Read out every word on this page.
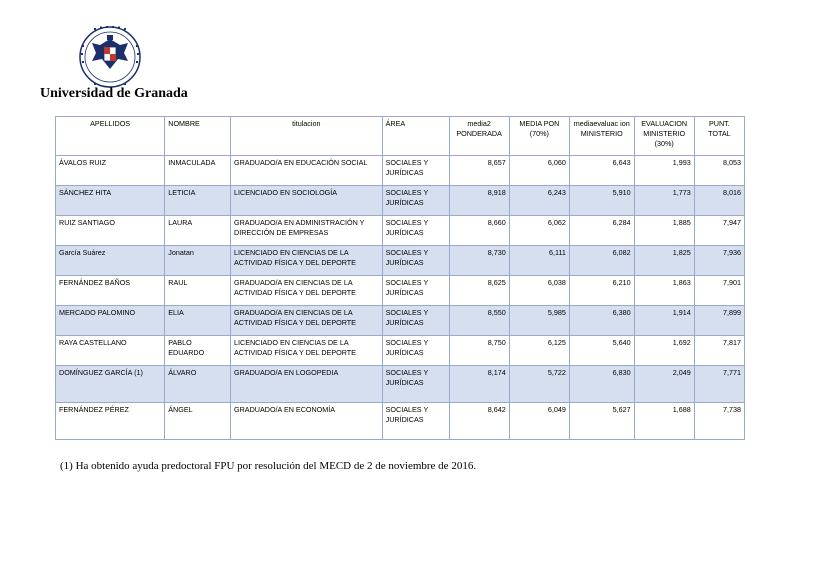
Universidad de Granada
APELLIDOS	NOMBRE	titulacion	ÁREA	media2 PONDERADA	MEDIA PON (70%)	mediaevaluac ion MINISTERIO	EVALUACION MINISTERIO (30%)	PUNT. TOTAL
ÁVALOS RUIZ	INMACULADA	GRADUADO/A EN EDUCACIÓN SOCIAL	SOCIALES Y JURÍDICAS	8,657	6,060	6,643	1,993	8,053
SÁNCHEZ HITA	LETICIA	LICENCIADO EN SOCIOLOGÍA	SOCIALES Y JURÍDICAS	8,918	6,243	5,910	1,773	8,016
RUIZ SANTIAGO	LAURA	GRADUADO/A EN ADMINISTRACIÓN Y DIRECCIÓN DE EMPRESAS	SOCIALES Y JURÍDICAS	8,660	6,062	6,284	1,885	7,947
García Suárez	Jonatan	LICENCIADO EN CIENCIAS DE LA ACTIVIDAD FÍSICA Y DEL DEPORTE	SOCIALES Y JURÍDICAS	8,730	6,111	6,082	1,825	7,936
FERNÁNDEZ BAÑOS	RAUL	GRADUADO/A EN CIENCIAS DE LA ACTIVIDAD FÍSICA Y DEL DEPORTE	SOCIALES Y JURÍDICAS	8,625	6,038	6,210	1,863	7,901
MERCADO PALOMINO	ELIA	GRADUADO/A EN CIENCIAS DE LA ACTIVIDAD FÍSICA Y DEL DEPORTE	SOCIALES Y JURÍDICAS	8,550	5,985	6,380	1,914	7,899
RAYA CASTELLANO	PABLO EDUARDO	LICENCIADO EN CIENCIAS DE LA ACTIVIDAD FÍSICA Y DEL DEPORTE	SOCIALES Y JURÍDICAS	8,750	6,125	5,640	1,692	7,817
DOMÍNGUEZ GARCÍA (1)	ÁLVARO	GRADUADO/A EN LOGOPEDIA	SOCIALES Y JURÍDICAS	8,174	5,722	6,830	2,049	7,771
FERNÁNDEZ PÉREZ	ÁNGEL	GRADUADO/A EN ECONOMÍA	SOCIALES Y JURÍDICAS	8,642	6,049	5,627	1,688	7,738
(1) Ha obtenido ayuda predoctoral FPU por resolución del MECD de 2 de noviembre de 2016.
